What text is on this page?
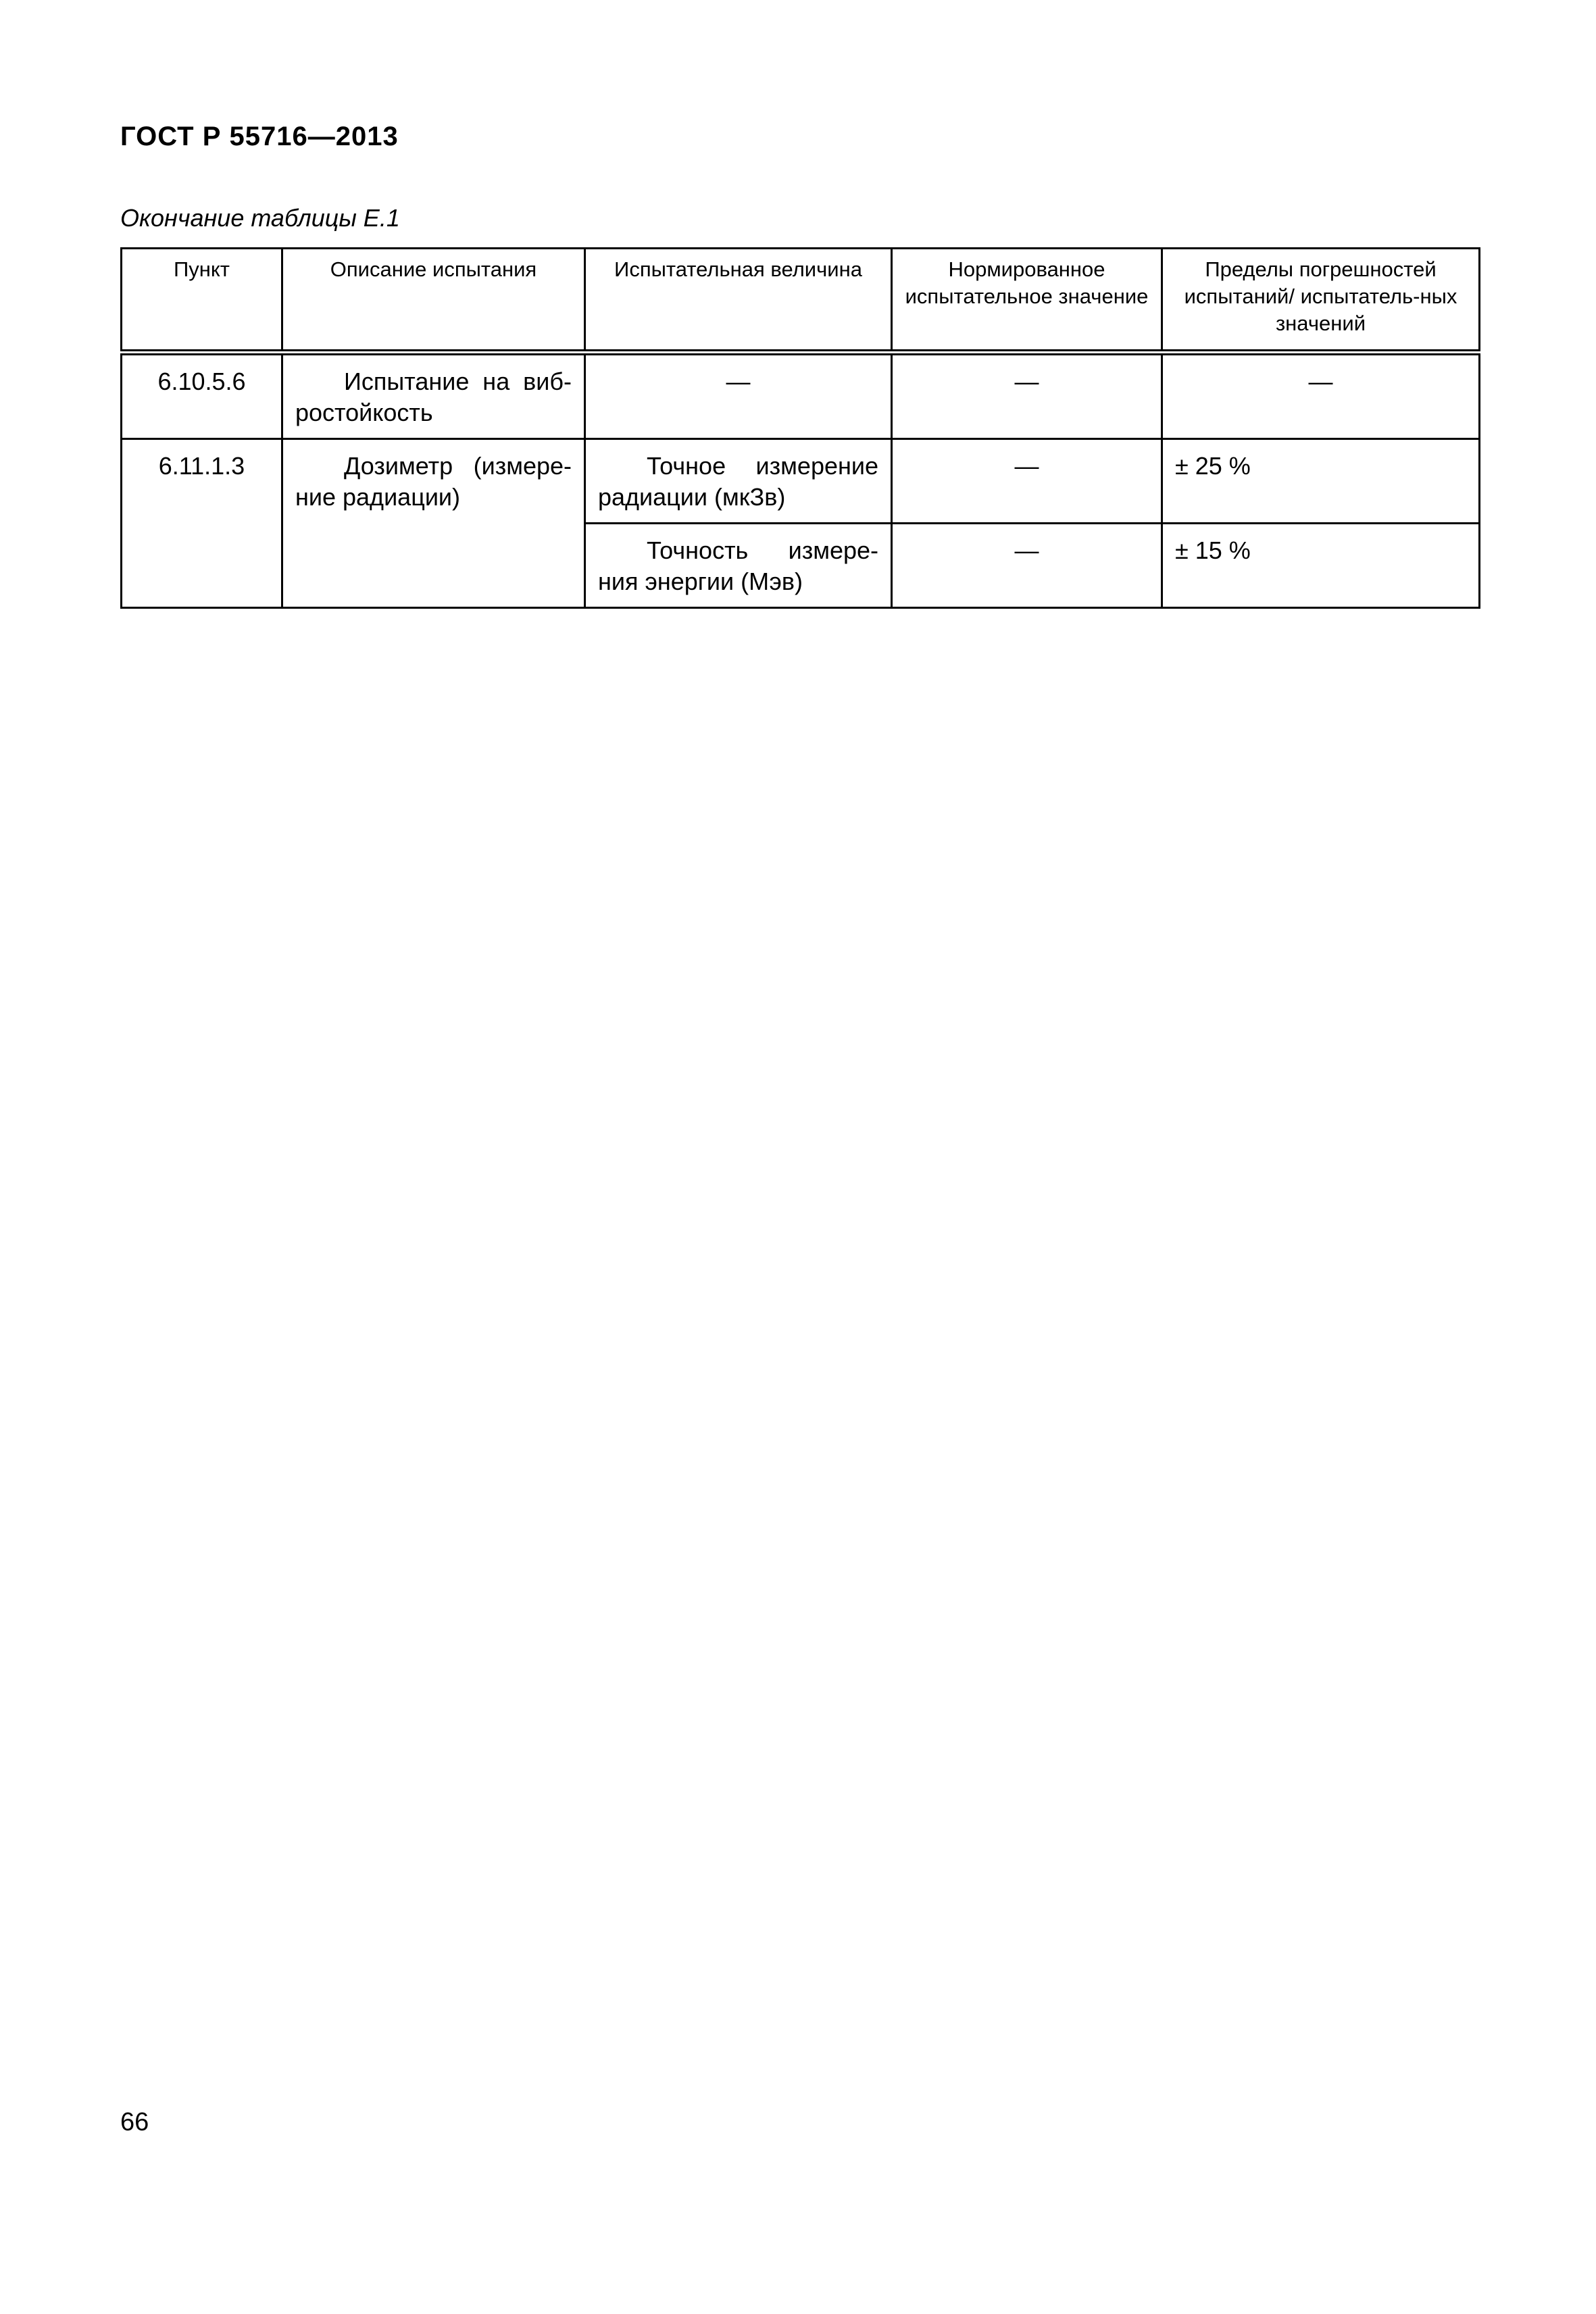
ГОСТ Р 55716—2013
Окончание таблицы Е.1
Пункт	Описание испытания	Испытательная величина	Нормированное испытательное значение	Пределы погрешностей испытаний/ испытатель-ных значений
6.10.5.6	Испытание на виб-ростойкость	—	—	—
6.11.1.3	Дозиметр (измере-ние радиации)	Точное измерение радиации (мкЗв)	—	± 25 %
		Точность измере-ния энергии (Мэв)	—	± 15 %
66
